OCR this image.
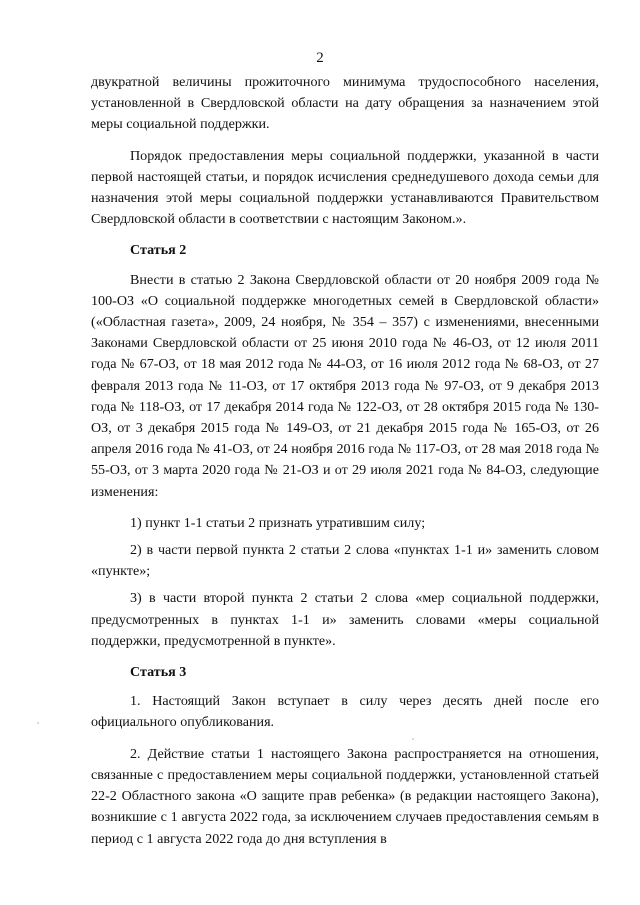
2

двукратной величины прожиточного минимума трудоспособного населения, установленной в Свердловской области на дату обращения за назначением этой меры социальной поддержки.

Порядок предоставления меры социальной поддержки, указанной в части первой настоящей статьи, и порядок исчисления среднедушевого дохода семьи для назначения этой меры социальной поддержки устанавливаются Правительством Свердловской области в соответствии с настоящим Законом.».

Статья 2

Внести в статью 2 Закона Свердловской области от 20 ноября 2009 года № 100-ОЗ «О социальной поддержке многодетных семей в Свердловской области» («Областная газета», 2009, 24 ноября, № 354 – 357) с изменениями, внесенными Законами Свердловской области от 25 июня 2010 года № 46-ОЗ, от 12 июля 2011 года № 67-ОЗ, от 18 мая 2012 года № 44-ОЗ, от 16 июля 2012 года № 68-ОЗ, от 27 февраля 2013 года № 11-ОЗ, от 17 октября 2013 года № 97-ОЗ, от 9 декабря 2013 года № 118-ОЗ, от 17 декабря 2014 года № 122-ОЗ, от 28 октября 2015 года № 130-ОЗ, от 3 декабря 2015 года № 149-ОЗ, от 21 декабря 2015 года № 165-ОЗ, от 26 апреля 2016 года № 41-ОЗ, от 24 ноября 2016 года № 117-ОЗ, от 28 мая 2018 года № 55-ОЗ, от 3 марта 2020 года № 21-ОЗ и от 29 июля 2021 года № 84-ОЗ, следующие изменения:

1) пункт 1-1 статьи 2 признать утратившим силу;

2) в части первой пункта 2 статьи 2 слова «пунктах 1-1 и» заменить словом «пункте»;

3) в части второй пункта 2 статьи 2 слова «мер социальной поддержки, предусмотренных в пунктах 1-1 и» заменить словами «меры социальной поддержки, предусмотренной в пункте».

Статья 3

1. Настоящий Закон вступает в силу через десять дней после его официального опубликования.

2. Действие статьи 1 настоящего Закона распространяется на отношения, связанные с предоставлением меры социальной поддержки, установленной статьей 22-2 Областного закона «О защите прав ребенка» (в редакции настоящего Закона), возникшие с 1 августа 2022 года, за исключением случаев предоставления семьям в период с 1 августа 2022 года до дня вступления в
